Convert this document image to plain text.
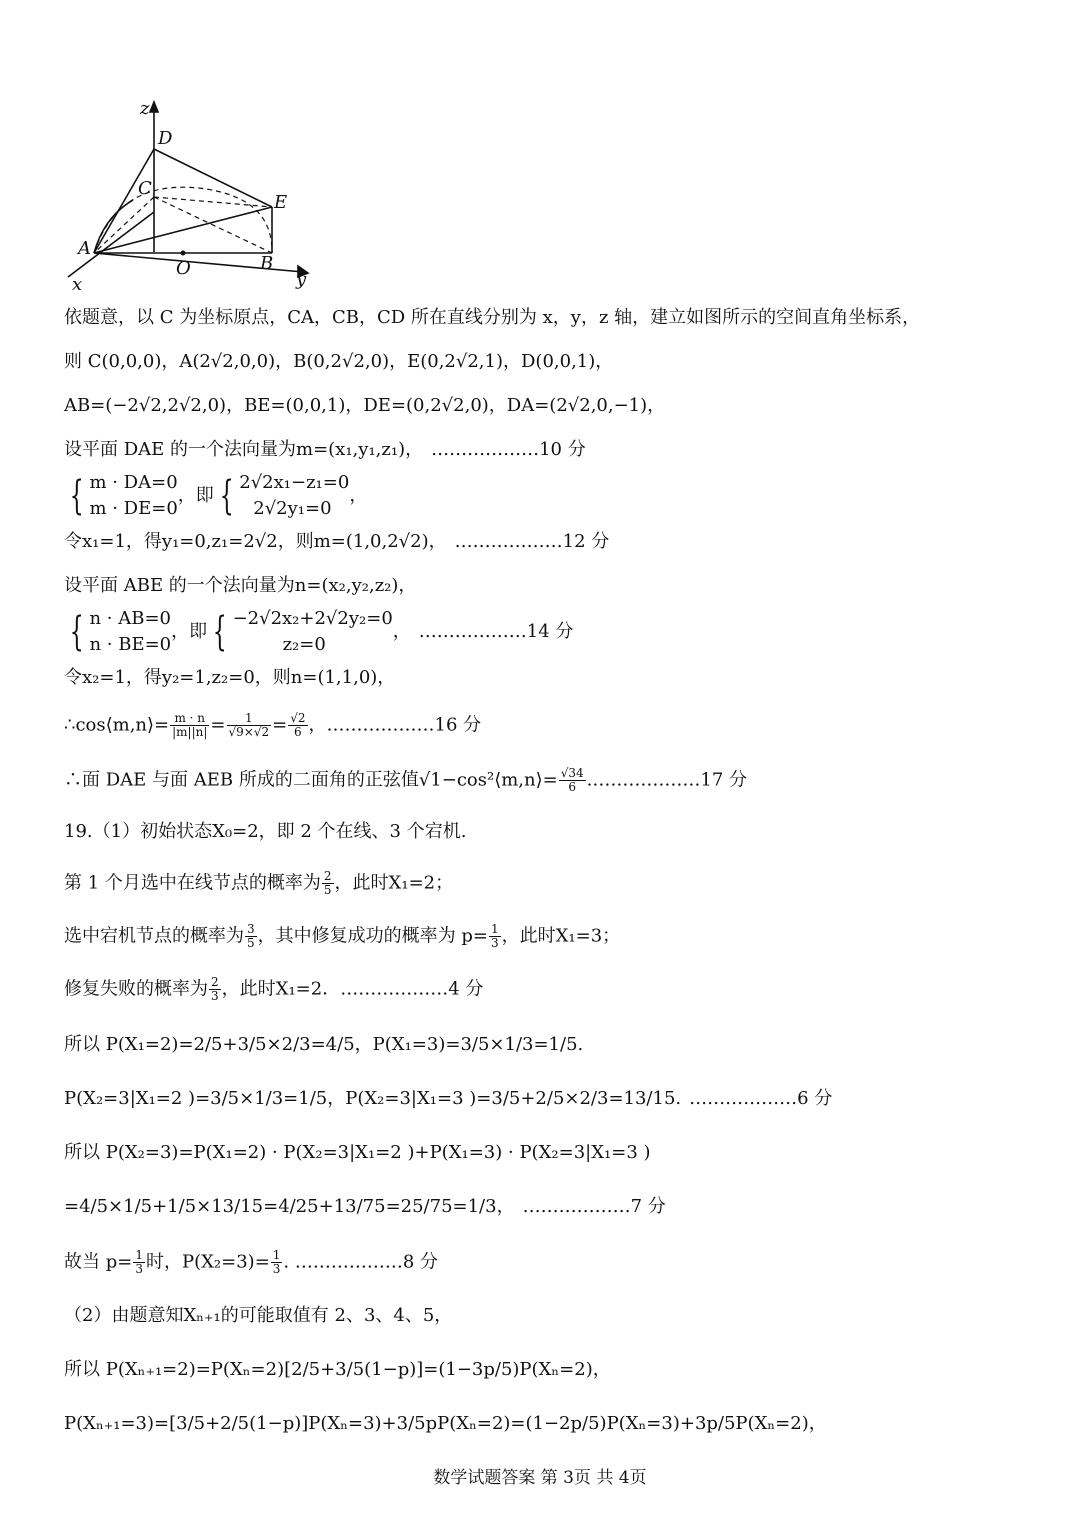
z
D
C
E
A
O	B
x	y
依题意，以 C 为坐标原点，CA，CB，CD 所在直线分别为 x，y，z 轴，建立如图所示的空间直角坐标系，
则 C(0,0,0)，A(2√2,0,0)，B(0,2√2,0)，E(0,2√2,1)，D(0,0,1)，
AB=(−2√2,2√2,0)，BE=(0,0,1)，DE=(0,2√2,0)，DA=(2√2,0,−1)，
设平面 DAE 的一个法向量为m=(x₁,y₁,z₁)， ………………10 分
{ m · DA=0
m · DE=0
，即 { 2√2x₁−z₁=0
2√2y₁=0
，
令x₁=1，得y₁=0,z₁=2√2，则m=(1,0,2√2)， ………………12 分
设平面 ABE 的一个法向量为n=(x₂,y₂,z₂)，
{ n · AB=0
n · BE=0
，即 { −2√2x₂+2√2y₂=0
z₂=0
， ………………14 分
令x₂=1，得y₂=1,z₂=0，则n=(1,1,0)，
∴cos⟨m,n⟩= $\frac{m \cdot n}{|m||n|} = \frac{1}{√9\times√2} = \frac{√2}{6}$ ，………………16 分
∴面 DAE 与面 AEB 所成的二面角的正弦值√1−cos²⟨m,n⟩= $\frac{√34}{6}$ .………………17 分
19.（1）初始状态X₀=2，即 2 个在线、3 个宕机.
第 1 个月选中在线节点的概率为 $\frac{2}{5}$ ，此时X₁=2；
选中宕机节点的概率为 $\frac{3}{5}$ ，其中修复成功的概率为 $p= \frac{1}{3}$ ，此时X₁=3；
修复失败的概率为 $\frac{2}{3}$ ，此时X₁=2．………………4 分
所以 P(X₁=2)=2/5+3/5×2/3=4/5，P(X₁=3)=3/5×1/3=1/5.
P(X₂=3|X₁=2 )=3/5×1/3=1/5，P(X₂=3|X₁=3 )=3/5+2/5×2/3=13/15. ………………6 分
所以 P(X₂=3)=P(X₁=2) · P(X₂=3|X₁=2 )+P(X₁=3) · P(X₂=3|X₁=3 )
=4/5×1/5+1/5×13/15=4/25+13/75=25/75=1/3， ………………7 分
故当 $p= \frac{1}{3}$ 时，$P(X_2=3)= \frac{1}{3}$ . ………………8 分
（2）由题意知Xₙ₊₁的可能取值有 2、3、4、5，
所以 P(Xₙ₊₁=2)=P(Xₙ=2)[2/5+3/5(1−p)]=(1−3p/5)P(Xₙ=2)，
P(Xₙ₊₁=3)=[3/5+2/5(1−p)]P(Xₙ=3)+3/5pP(Xₙ=2)=(1−2p/5)P(Xₙ=3)+3p/5P(Xₙ=2)，
数学试题答案 第 3页 共 4页
